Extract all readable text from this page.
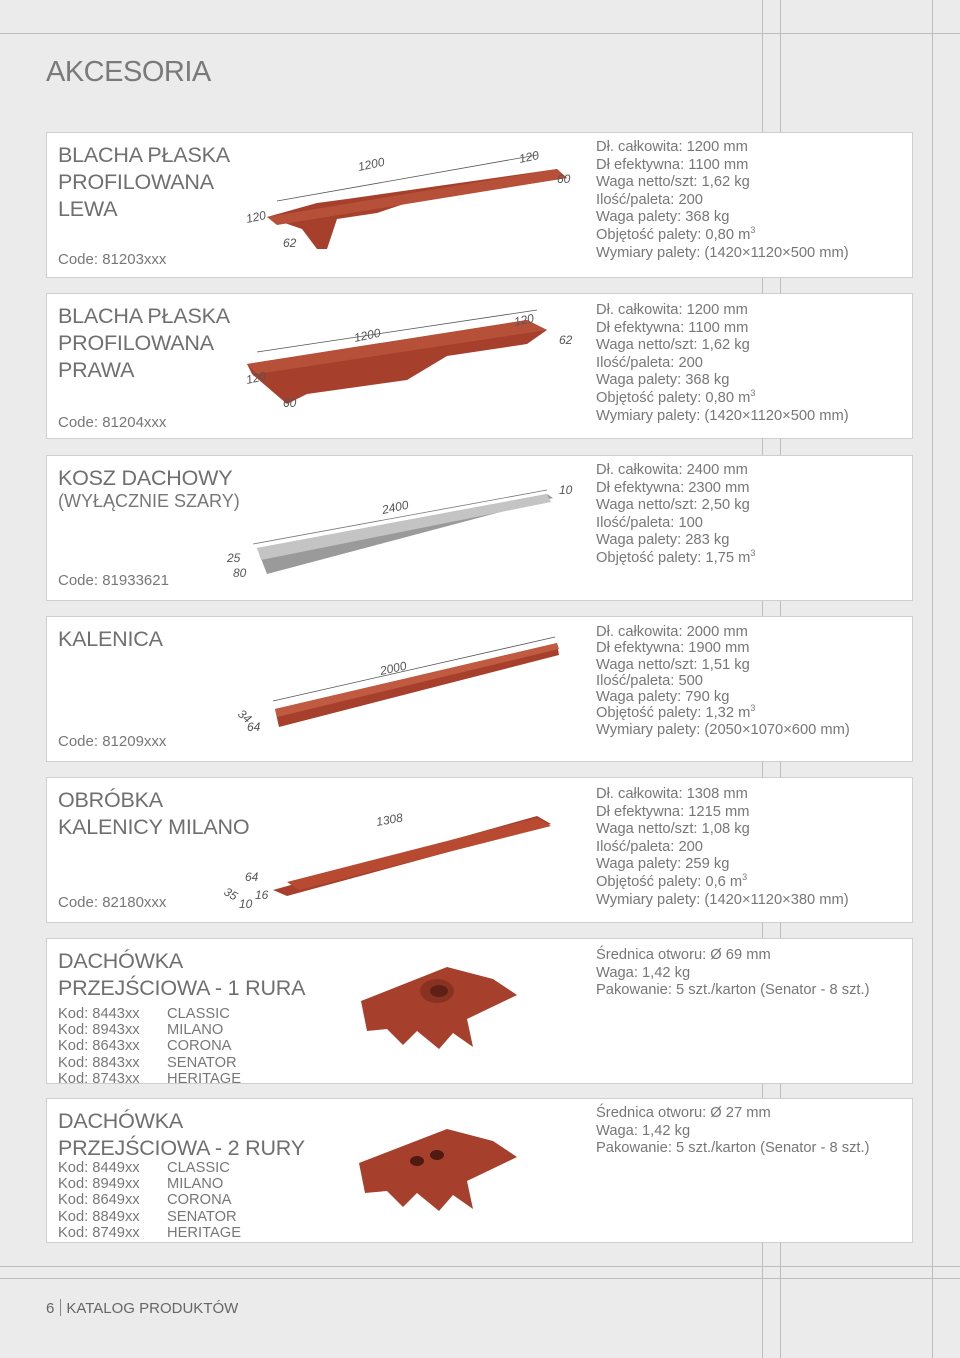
AKCESORIA
BLACHA PŁASKA
PROFILOWANA
LEWA
Code: 81203xxx
1200	120
60
120
62
Dł. całkowita: 1200 mm
Dł efektywna: 1100 mm
Waga netto/szt: 1,62 kg
Ilość/paleta: 200
Waga palety: 368 kg
Objętość palety: 0,80 $m^3$
Wymiary palety: (1420×1120×500 mm)
BLACHA PŁASKA
PROFILOWANA
PRAWA
Code: 81204xxx
1200
120
62
120
60
Dł. całkowita: 1200 mm
Dł efektywna: 1100 mm
Waga netto/szt: 1,62 kg
Ilość/paleta: 200
Waga palety: 368 kg
Objętość palety: 0,80 $m^3$
Wymiary palety: (1420×1120×500 mm)
KOSZ DACHOWY
(WYŁĄCZNIE SZARY)
Code: 81933621
2400
10
25
80
Dł. całkowita: 2400 mm
Dł efektywna: 2300 mm
Waga netto/szt: 2,50 kg
Ilość/paleta: 100
Waga palety: 283 kg
Objętość palety: 1,75 $m^3$
KALENICA
Code: 81209xxx
2000
34
64
Dł. całkowita: 2000 mm
Dł efektywna: 1900 mm
Waga netto/szt: 1,51 kg
Ilość/paleta: 500
Waga palety: 790 kg
Objętość palety: 1,32 $m^3$
Wymiary palety: (2050×1070×600 mm)
OBRÓBKA
KALENICY MILANO
Code: 82180xxx
1308
64
16
35
10
Dł. całkowita: 1308 mm
Dł efektywna: 1215 mm
Waga netto/szt: 1,08 kg
Ilość/paleta: 200
Waga palety: 259 kg
Objętość palety: 0,6 $m^3$
Wymiary palety: (1420×1120×380 mm)
DACHÓWKA
PRZEJŚCIOWA - 1 RURA
Kod: 8443xx CLASSIC
Kod: 8943xx MILANO
Kod: 8643xx CORONA
Kod: 8843xx SENATOR
Kod: 8743xx HERITAGE
Średnica otworu: Ø 69 mm
Waga: 1,42 kg
Pakowanie: 5 szt./karton (Senator - 8 szt.)
DACHÓWKA
PRZEJŚCIOWA - 2 RURY
Kod: 8449xx CLASSIC
Kod: 8949xx MILANO
Kod: 8649xx CORONA
Kod: 8849xx SENATOR
Kod: 8749xx HERITAGE
Średnica otworu: Ø 27 mm
Waga: 1,42 kg
Pakowanie: 5 szt./karton (Senator - 8 szt.)
6 KATALOG PRODUKTÓW
